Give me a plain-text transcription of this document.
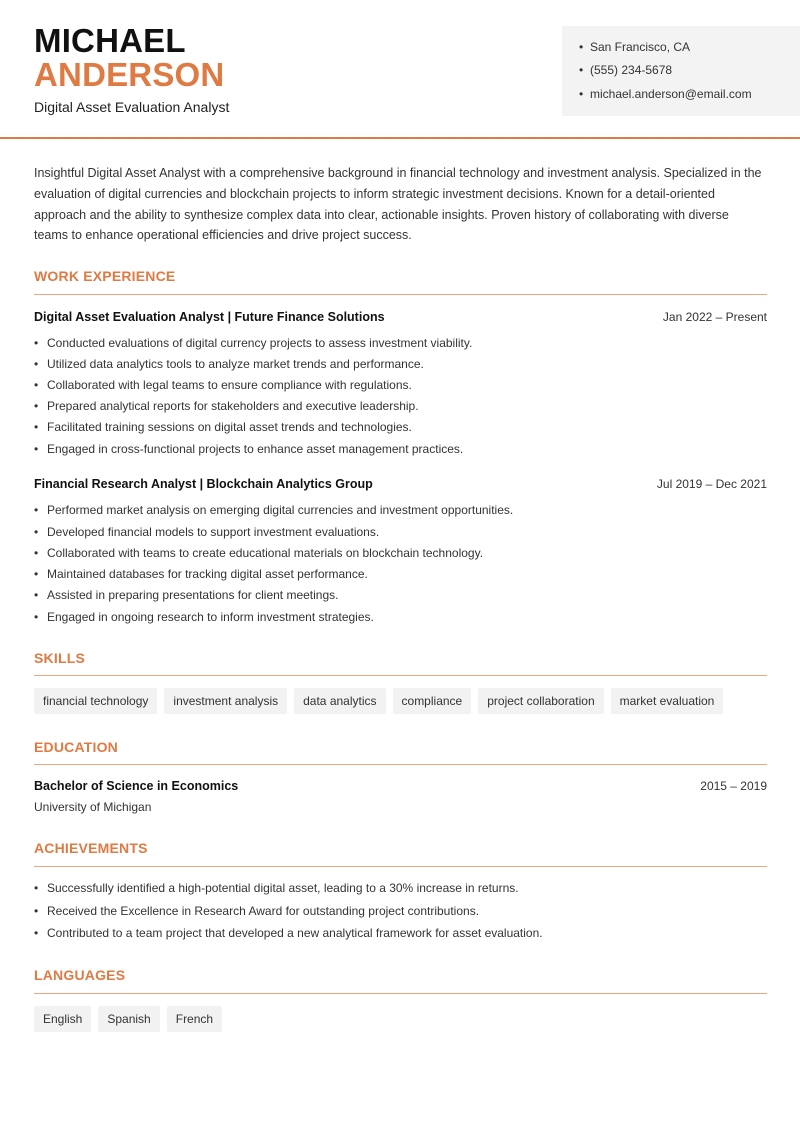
MICHAEL
ANDERSON
Digital Asset Evaluation Analyst
• San Francisco, CA
• (555) 234-5678
• michael.anderson@email.com
Insightful Digital Asset Analyst with a comprehensive background in financial technology and investment analysis. Specialized in the evaluation of digital currencies and blockchain projects to inform strategic investment decisions. Known for a detail-oriented approach and the ability to synthesize complex data into clear, actionable insights. Proven history of collaborating with diverse teams to enhance operational efficiencies and drive project success.
WORK EXPERIENCE
Digital Asset Evaluation Analyst | Future Finance Solutions	Jan 2022 – Present
• Conducted evaluations of digital currency projects to assess investment viability.
• Utilized data analytics tools to analyze market trends and performance.
• Collaborated with legal teams to ensure compliance with regulations.
• Prepared analytical reports for stakeholders and executive leadership.
• Facilitated training sessions on digital asset trends and technologies.
• Engaged in cross-functional projects to enhance asset management practices.
Financial Research Analyst | Blockchain Analytics Group	Jul 2019 – Dec 2021
• Performed market analysis on emerging digital currencies and investment opportunities.
• Developed financial models to support investment evaluations.
• Collaborated with teams to create educational materials on blockchain technology.
• Maintained databases for tracking digital asset performance.
• Assisted in preparing presentations for client meetings.
• Engaged in ongoing research to inform investment strategies.
SKILLS
financial technology	investment analysis	data analytics	compliance	project collaboration	market evaluation
EDUCATION
Bachelor of Science in Economics	2015 – 2019
University of Michigan
ACHIEVEMENTS
• Successfully identified a high-potential digital asset, leading to a 30% increase in returns.
• Received the Excellence in Research Award for outstanding project contributions.
• Contributed to a team project that developed a new analytical framework for asset evaluation.
LANGUAGES
English	Spanish	French
